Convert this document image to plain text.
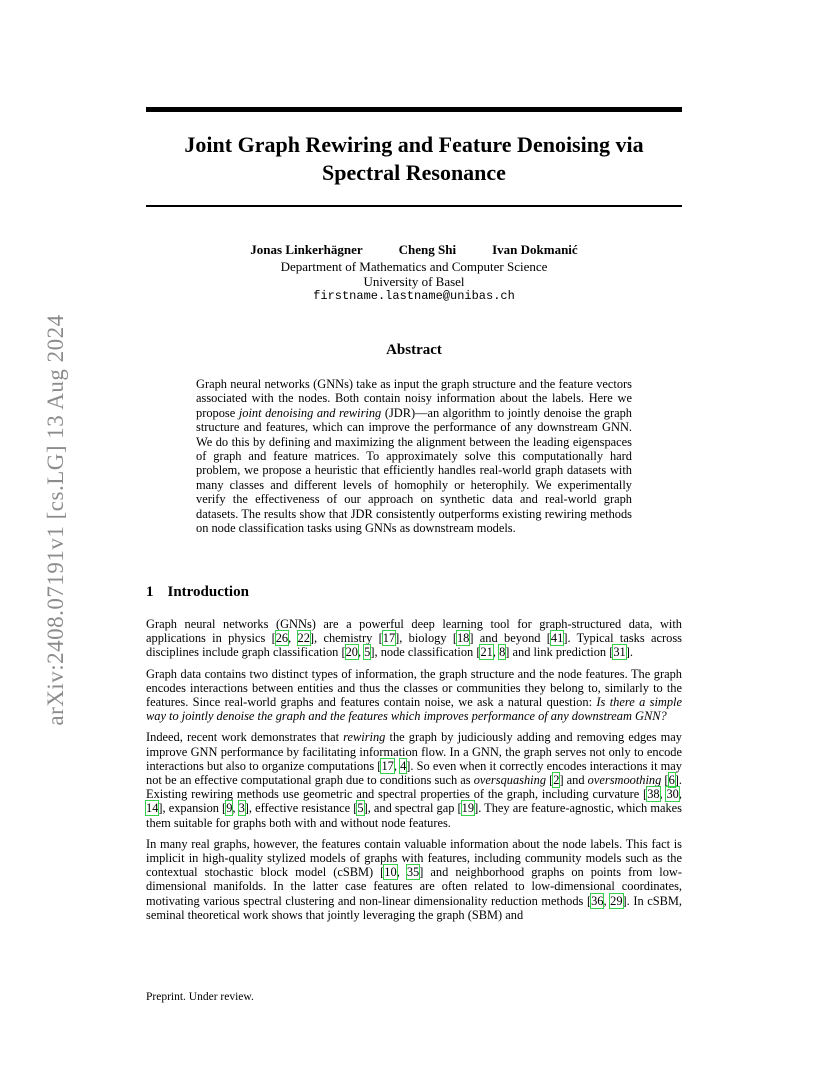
arXiv:2408.07191v1 [cs.LG] 13 Aug 2024
Joint Graph Rewiring and Feature Denoising via
Spectral Resonance
Jonas Linkerhägner	Cheng Shi	Ivan Dokmanić
Department of Mathematics and Computer Science
University of Basel
firstname.lastname@unibas.ch
Abstract
Graph neural networks (GNNs) take as input the graph structure and the feature vectors associated with the nodes. Both contain noisy information about the labels. Here we propose joint denoising and rewiring (JDR)—an algorithm to jointly denoise the graph structure and features, which can improve the performance of any downstream GNN. We do this by defining and maximizing the alignment between the leading eigenspaces of graph and feature matrices. To approximately solve this computationally hard problem, we propose a heuristic that efficiently handles real-world graph datasets with many classes and different levels of homophily or heterophily. We experimentally verify the effectiveness of our approach on synthetic data and real-world graph datasets. The results show that JDR consistently outperforms existing rewiring methods on node classification tasks using GNNs as downstream models.
1 Introduction

Graph neural networks (GNNs) are a powerful deep learning tool for graph-structured data, with applications in physics [26, 22], chemistry [17], biology [18] and beyond [41]. Typical tasks across disciplines include graph classification [20, 5], node classification [21, 8] and link prediction [31].

Graph data contains two distinct types of information, the graph structure and the node features. The graph encodes interactions between entities and thus the classes or communities they belong to, similarly to the features. Since real-world graphs and features contain noise, we ask a natural question: Is there a simple way to jointly denoise the graph and the features which improves performance of any downstream GNN?

Indeed, recent work demonstrates that rewiring the graph by judiciously adding and removing edges may improve GNN performance by facilitating information flow. In a GNN, the graph serves not only to encode interactions but also to organize computations [17, 4]. So even when it correctly encodes interactions it may not be an effective computational graph due to conditions such as oversquashing [2] and oversmoothing [6]. Existing rewiring methods use geometric and spectral properties of the graph, including curvature [38, 30, 14], expansion [9, 3], effective resistance [5], and spectral gap [19]. They are feature-agnostic, which makes them suitable for graphs both with and without node features.

In many real graphs, however, the features contain valuable information about the node labels. This fact is implicit in high-quality stylized models of graphs with features, including community models such as the contextual stochastic block model (cSBM) [10, 35] and neighborhood graphs on points from low-dimensional manifolds. In the latter case features are often related to low-dimensional coordinates, motivating various spectral clustering and non-linear dimensionality reduction methods [36, 29]. In cSBM, seminal theoretical work shows that jointly leveraging the graph (SBM) and

Preprint. Under review.
